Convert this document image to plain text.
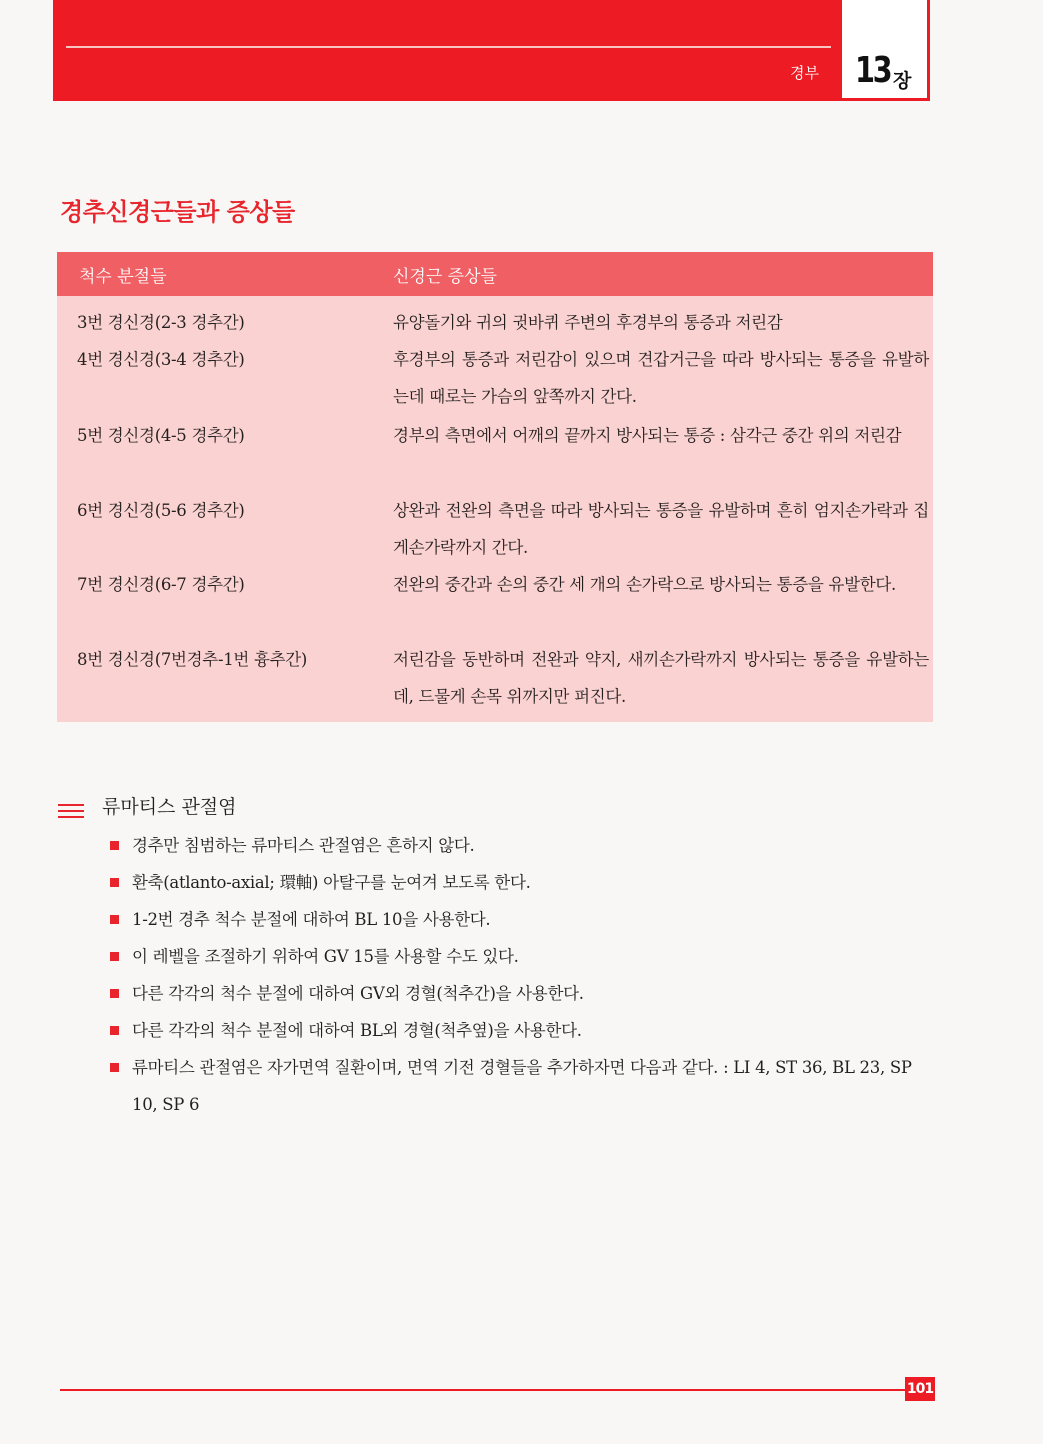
경부 13 장
경추신경근들과 증상들
척수 분절들	신경근 증상들
3번 경신경(2-3 경추간)	유양돌기와 귀의 귓바퀴 주변의 후경부의 통증과 저린감
4번 경신경(3-4 경추간)	후경부의 통증과 저린감이 있으며 견갑거근을 따라 방사되는 통증을 유발하는데 때로는 가슴의 앞쪽까지 간다.
5번 경신경(4-5 경추간)	경부의 측면에서 어깨의 끝까지 방사되는 통증 : 삼각근 중간 위의 저린감
6번 경신경(5-6 경추간)	상완과 전완의 측면을 따라 방사되는 통증을 유발하며 흔히 엄지손가락과 집게손가락까지 간다.
7번 경신경(6-7 경추간)	전완의 중간과 손의 중간 세 개의 손가락으로 방사되는 통증을 유발한다.
8번 경신경(7번경추-1번 흉추간)	저린감을 동반하며 전완과 약지, 새끼손가락까지 방사되는 통증을 유발하는데, 드물게 손목 위까지만 퍼진다.
류마티스 관절염
경추만 침범하는 류마티스 관절염은 흔하지 않다.
환축(atlanto-axial; 環軸) 아탈구를 눈여겨 보도록 한다.
1-2번 경추 척수 분절에 대하여 BL 10을 사용한다.
이 레벨을 조절하기 위하여 GV 15를 사용할 수도 있다.
다른 각각의 척수 분절에 대하여 GV외 경혈(척추간)을 사용한다.
다른 각각의 척수 분절에 대하여 BL외 경혈(척추옆)을 사용한다.
류마티스 관절염은 자가면역 질환이며, 면역 기전 경혈들을 추가하자면 다음과 같다. : LI 4, ST 36, BL 23, SP 10, SP 6
101
